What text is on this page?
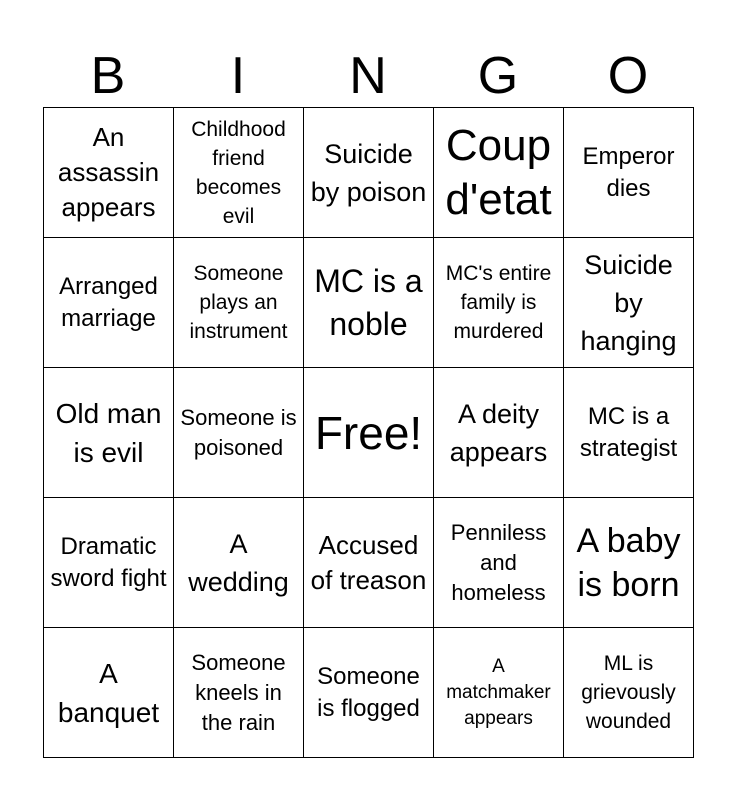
B	I	N	G	O
An assassin appears	Childhood friend becomes evil	Suicide by poison	Coup d'etat	Emperor dies

Arranged marriage	Someone plays an instrument	MC is a noble	MC's entire family is murdered	Suicide by hanging

Old man is evil	Someone is poisoned	Free!	A deity appears	MC is a strategist

Dramatic sword fight	A wedding	Accused of treason	Penniless and homeless	A baby is born

A banquet	Someone kneels in the rain	Someone is flogged	A matchmaker appears	ML is grievously wounded
